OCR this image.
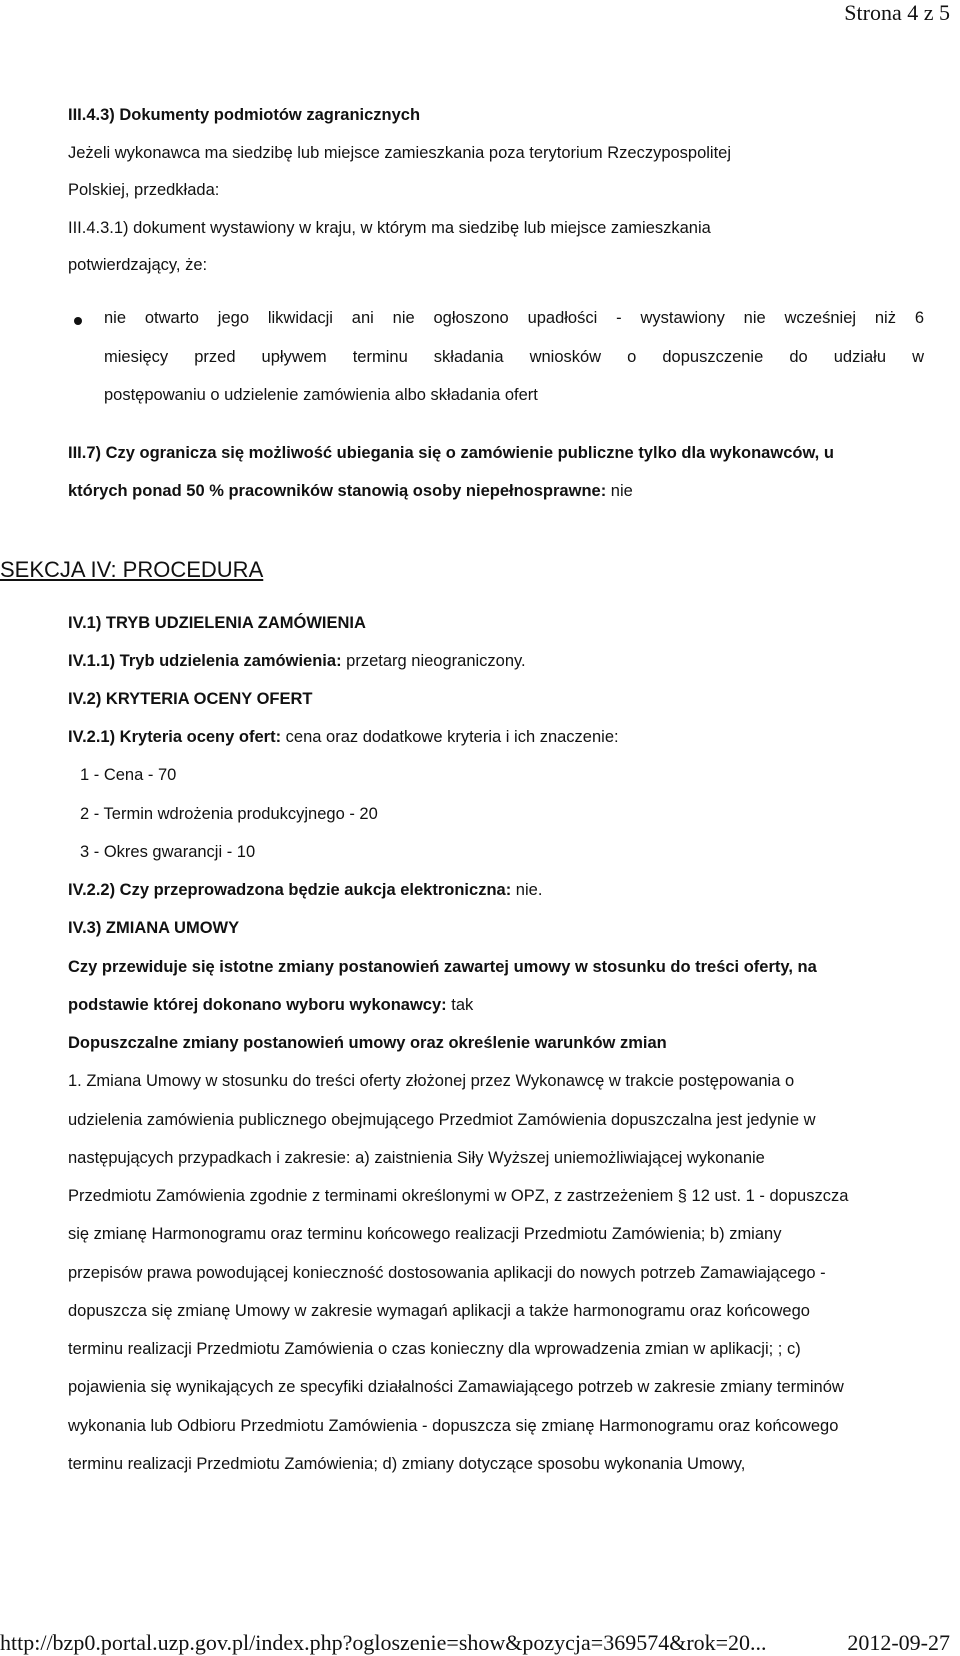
Strona 4 z 5
III.4.3) Dokumenty podmiotów zagranicznych
Jeżeli wykonawca ma siedzibę lub miejsce zamieszkania poza terytorium Rzeczypospolitej
Polskiej, przedkłada:
III.4.3.1) dokument wystawiony w kraju, w którym ma siedzibę lub miejsce zamieszkania
potwierdzający, że:
nie otwarto jego likwidacji ani nie ogłoszono upadłości - wystawiony nie wcześniej niż 6
miesięcy przed upływem terminu składania wniosków o dopuszczenie do udziału w
postępowaniu o udzielenie zamówienia albo składania ofert
III.7) Czy ogranicza się możliwość ubiegania się o zamówienie publiczne tylko dla wykonawców, u
których ponad 50 % pracowników stanowią osoby niepełnosprawne: nie
SEKCJA IV: PROCEDURA
IV.1) TRYB UDZIELENIA ZAMÓWIENIA
IV.1.1) Tryb udzielenia zamówienia: przetarg nieograniczony.
IV.2) KRYTERIA OCENY OFERT
IV.2.1) Kryteria oceny ofert: cena oraz dodatkowe kryteria i ich znaczenie:
1 - Cena - 70
2 - Termin wdrożenia produkcyjnego - 20
3 - Okres gwarancji - 10
IV.2.2) Czy przeprowadzona będzie aukcja elektroniczna: nie.
IV.3) ZMIANA UMOWY
Czy przewiduje się istotne zmiany postanowień zawartej umowy w stosunku do treści oferty, na
podstawie której dokonano wyboru wykonawcy: tak
Dopuszczalne zmiany postanowień umowy oraz określenie warunków zmian
1. Zmiana Umowy w stosunku do treści oferty złożonej przez Wykonawcę w trakcie postępowania o
udzielenia zamówienia publicznego obejmującego Przedmiot Zamówienia dopuszczalna jest jedynie w
następujących przypadkach i zakresie: a) zaistnienia Siły Wyższej uniemożliwiającej wykonanie
Przedmiotu Zamówienia zgodnie z terminami określonymi w OPZ, z zastrzeżeniem § 12 ust. 1 - dopuszcza
się zmianę Harmonogramu oraz terminu końcowego realizacji Przedmiotu Zamówienia; b) zmiany
przepisów prawa powodującej konieczność dostosowania aplikacji do nowych potrzeb Zamawiającego -
dopuszcza się zmianę Umowy w zakresie wymagań aplikacji a także harmonogramu oraz końcowego
terminu realizacji Przedmiotu Zamówienia o czas konieczny dla wprowadzenia zmian w aplikacji; ; c)
pojawienia się wynikających ze specyfiki działalności Zamawiającego potrzeb w zakresie zmiany terminów
wykonania lub Odbioru Przedmiotu Zamówienia - dopuszcza się zmianę Harmonogramu oraz końcowego
terminu realizacji Przedmiotu Zamówienia; d) zmiany dotyczące sposobu wykonania Umowy,
http://bzp0.portal.uzp.gov.pl/index.php?ogloszenie=show&pozycja=369574&rok=20...	2012-09-27
